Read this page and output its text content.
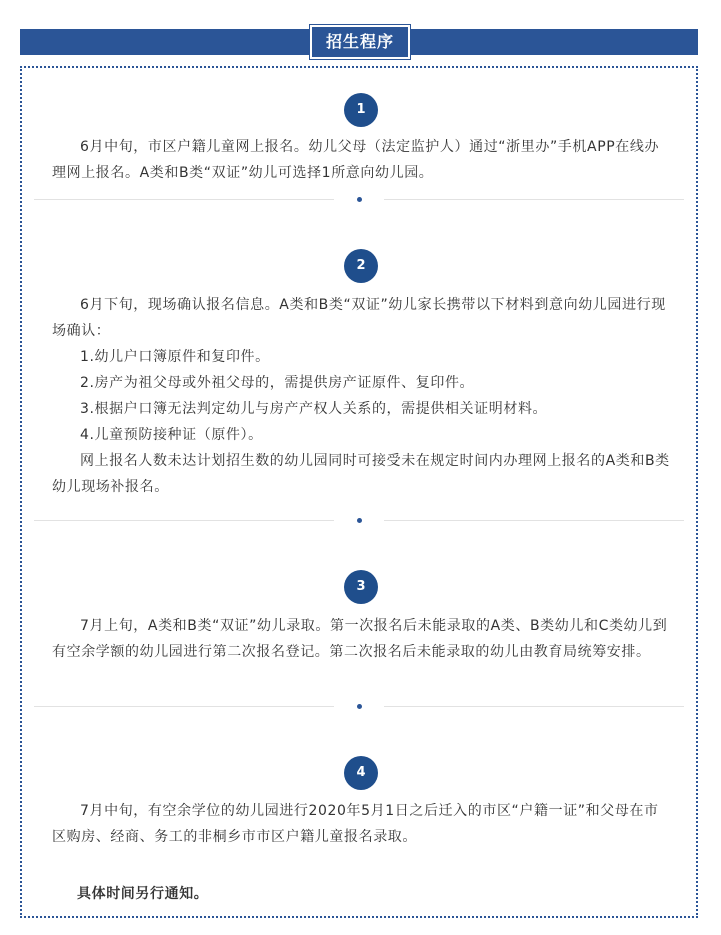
招生程序
1

6月中旬，市区户籍儿童网上报名。幼儿父母（法定监护人）通过“浙里办”手机APP在线办理网上报名。A类和B类“双证”幼儿可选择1所意向幼儿园。

2

6月下旬，现场确认报名信息。A类和B类“双证”幼儿家长携带以下材料到意向幼儿园进行现场确认：

1.幼儿户口簿原件和复印件。

2.房产为祖父母或外祖父母的，需提供房产证原件、复印件。

3.根据户口簿无法判定幼儿与房产产权人关系的，需提供相关证明材料。

4.儿童预防接种证（原件）。

网上报名人数未达计划招生数的幼儿园同时可接受未在规定时间内办理网上报名的A类和B类幼儿现场补报名。

3

7月上旬，A类和B类“双证”幼儿录取。第一次报名后未能录取的A类、B类幼儿和C类幼儿到有空余学额的幼儿园进行第二次报名登记。第二次报名后未能录取的幼儿由教育局统筹安排。

4

7月中旬，有空余学位的幼儿园进行2020年5月1日之后迁入的市区“户籍一证”和父母在市区购房、经商、务工的非桐乡市市区户籍儿童报名录取。

具体时间另行通知。
